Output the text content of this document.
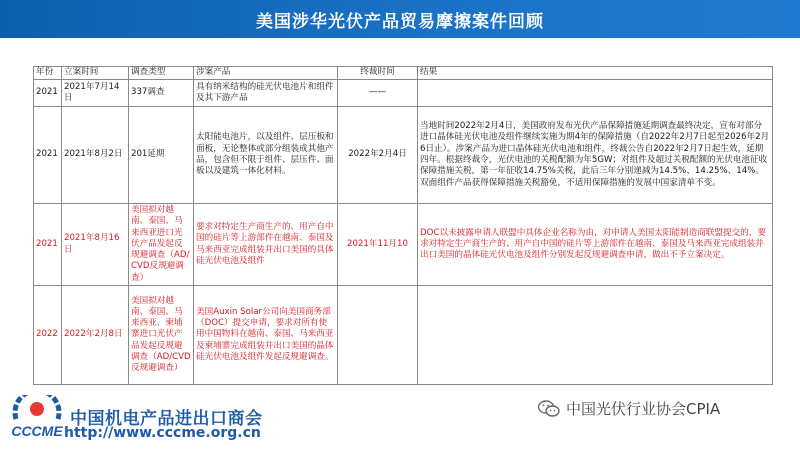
美国涉华光伏产品贸易摩擦案件回顾
年份	立案时间	调查类型	涉案产品	终裁时间	结果
2021	2021年7月14日	337调查	具有纳米结构的硅光伏电池片和组件及其下游产品	——	
2021	2021年8月2日	201延期	太阳能电池片，以及组件、层压板和面板，无论整体或部分组装成其他产品，包含但不限于组件、层压件、面板以及建筑一体化材料。	2022年2月4日	当地时间2022年2月4日，美国政府发布光伏产品保障措施延期调查最终决定，宣布对部分进口晶体硅光伏电池及组件继续实施为期4年的保障措施（自2022年2月7日起至2026年2月6日止）。涉案产品为进口晶体硅光伏电池和组件，终裁公告自2022年2月7日起生效，延期四年。根据终裁令，光伏电池的关税配额为年5GW；对组件及超过关税配额的光伏电池征收保障措施关税，第一年征收14.75%关税，此后三年分别递减为14.5%、14.25%、14%。双面组件产品获得保障措施关税豁免，不适用保障措施的发展中国家清单不变。
2021	2021年8月16日	美国拟对越南、泰国、马来西亚进口光伏产品发起反规避调查（AD/CVD反规避调查）	要求对特定生产商生产的、用产自中国的硅片等上游部件在越南、泰国及马来西亚完成组装并出口美国的具体硅光伏电池及组件	2021年11月10	DOC以未披露申请人联盟中具体企业名称为由，对申请人美国太阳能制造商联盟提交的，要求对特定生产商生产的、用产自中国的硅片等上游部件在越南、泰国及马来西亚完成组装并出口美国的晶体硅光伏电池及组件分别发起反规避调查申请，做出不予立案决定。
2022	2022年2月8日	美国拟对越南、泰国、马来西亚、柬埔寨进口光伏产品发起反规避调查（AD/CVD反规避调查）	美国Auxin Solar公司向美国商务部（DOC）提交申请，要求对所有使用中国物料在越南、泰国、马来西亚及柬埔寨完成组装并出口美国的晶体硅光伏电池及组件发起反规避调查。		
CCCME
中国机电产品进出口商会
http://www.cccme.org.cn
中国光伏行业协会CPIA
